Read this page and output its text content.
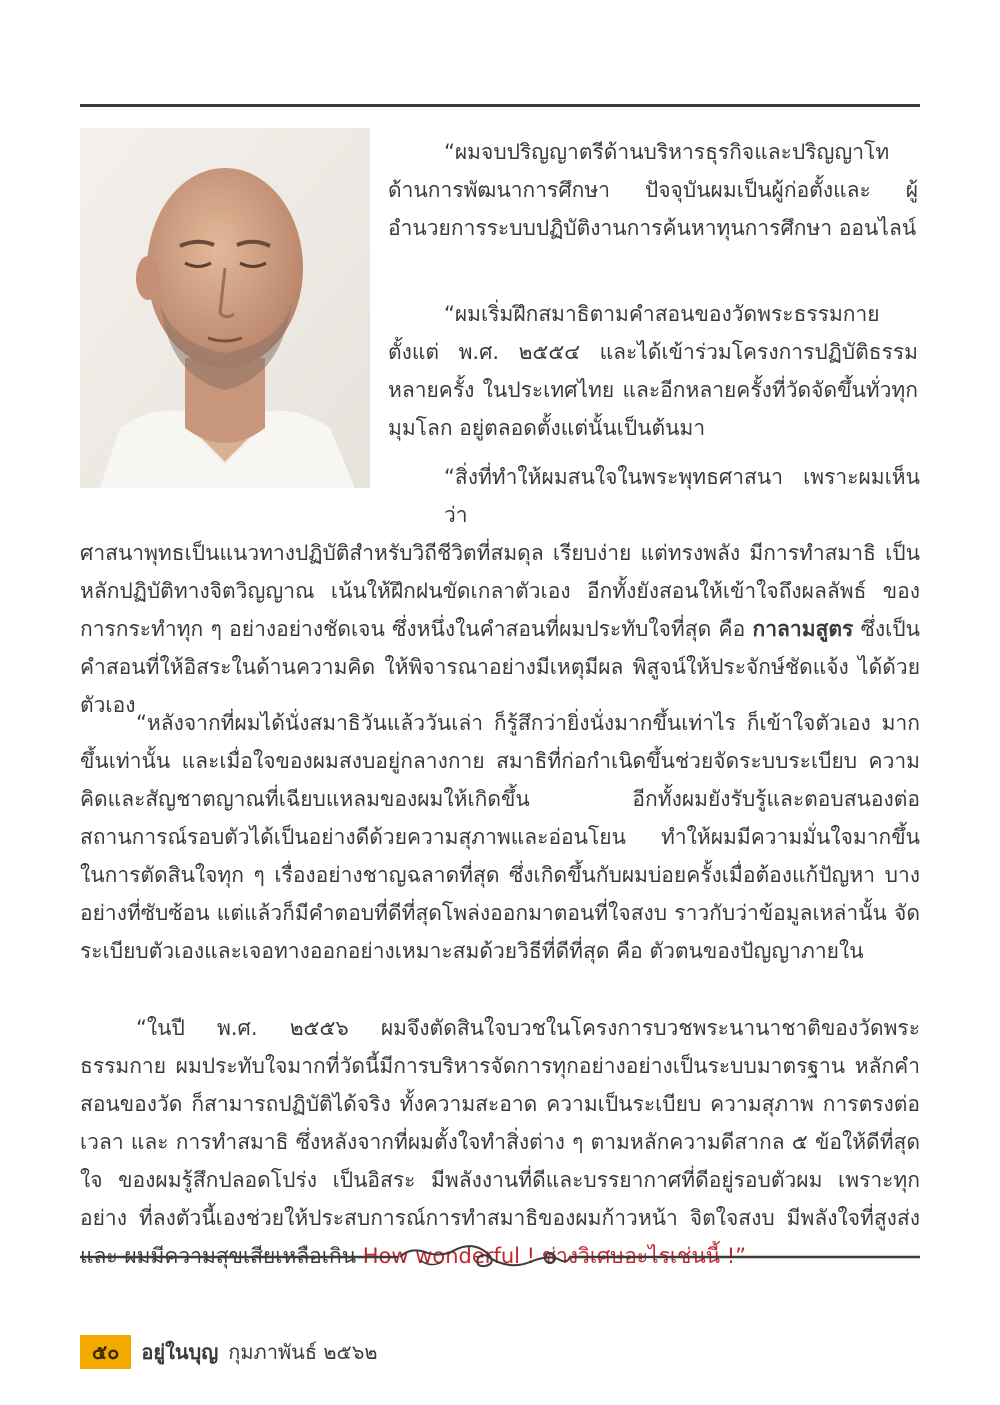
“ผมจบปริญญาตรีด้านบริหารธุรกิจและปริญญาโท ด้านการพัฒนาการศึกษา ปัจจุบันผมเป็นผู้ก่อตั้งและ ผู้อำนวยการระบบปฏิบัติงานการค้นหาทุนการศึกษา ออนไลน์

“ผมเริ่มฝึกสมาธิตามคำสอนของวัดพระธรรมกายตั้งแต่ พ.ศ. ๒๕๕๔ และได้เข้าร่วมโครงการปฏิบัติธรรมหลายครั้ง ในประเทศไทย และอีกหลายครั้งที่วัดจัดขึ้นทั่วทุกมุมโลก อยู่ตลอดตั้งแต่นั้นเป็นต้นมา

“สิ่งที่ทำให้ผมสนใจในพระพุทธศาสนา เพราะผมเห็นว่า
ศาสนาพุทธเป็นแนวทางปฏิบัติสำหรับวิถีชีวิตที่สมดุล เรียบง่าย แต่ทรงพลัง มีการทำสมาธิ เป็นหลักปฏิบัติทางจิตวิญญาณ เน้นให้ฝึกฝนขัดเกลาตัวเอง อีกทั้งยังสอนให้เข้าใจถึงผลลัพธ์ ของการกระทำทุก ๆ อย่างอย่างชัดเจน ซึ่งหนึ่งในคำสอนที่ผมประทับใจที่สุด คือ กาลามสูตร ซึ่งเป็นคำสอนที่ให้อิสระในด้านความคิด ให้พิจารณาอย่างมีเหตุมีผล พิสูจน์ให้ประจักษ์ชัดแจ้ง ได้ด้วยตัวเอง

“หลังจากที่ผมได้นั่งสมาธิวันแล้ววันเล่า ก็รู้สึกว่ายิ่งนั่งมากขึ้นเท่าไร ก็เข้าใจตัวเอง มากขึ้นเท่านั้น และเมื่อใจของผมสงบอยู่กลางกาย สมาธิที่ก่อกำเนิดขึ้นช่วยจัดระบบระเบียบ ความคิดและสัญชาตญาณที่เฉียบแหลมของผมให้เกิดขึ้น อีกทั้งผมยังรับรู้และตอบสนองต่อ สถานการณ์รอบตัวได้เป็นอย่างดีด้วยความสุภาพและอ่อนโยน ทำให้ผมมีความมั่นใจมากขึ้น ในการตัดสินใจทุก ๆ เรื่องอย่างชาญฉลาดที่สุด ซึ่งเกิดขึ้นกับผมบ่อยครั้งเมื่อต้องแก้ปัญหา บางอย่างที่ซับซ้อน แต่แล้วก็มีคำตอบที่ดีที่สุดโพล่งออกมาตอนที่ใจสงบ ราวกับว่าข้อมูลเหล่านั้น จัดระเบียบตัวเองและเจอทางออกอย่างเหมาะสมด้วยวิธีที่ดีที่สุด คือ ตัวตนของปัญญาภายใน

“ในปี พ.ศ. ๒๕๕๖ ผมจึงตัดสินใจบวชในโครงการบวชพระนานาชาติของวัดพระธรรมกาย ผมประทับใจมากที่วัดนี้มีการบริหารจัดการทุกอย่างอย่างเป็นระบบมาตรฐาน หลักคำสอนของวัด ก็สามารถปฏิบัติได้จริง ทั้งความสะอาด ความเป็นระเบียบ ความสุภาพ การตรงต่อเวลา และ การทำสมาธิ ซึ่งหลังจากที่ผมตั้งใจทำสิ่งต่าง ๆ ตามหลักความดีสากล ๕ ข้อให้ดีที่สุด ใจ ของผมรู้สึกปลอดโปร่ง เป็นอิสระ มีพลังงานที่ดีและบรรยากาศที่ดีอยู่รอบตัวผม เพราะทุกอย่าง ที่ลงตัวนี้เองช่วยให้ประสบการณ์การทำสมาธิของผมก้าวหน้า จิตใจสงบ มีพลังใจที่สูงส่ง และ ผมมีความสุขเสียเหลือเกิน How wonderful ! ช่างวิเศษอะไรเช่นนี้ !”

๕๐	อยู่ในบุญ กุมภาพันธ์ ๒๕๖๒
